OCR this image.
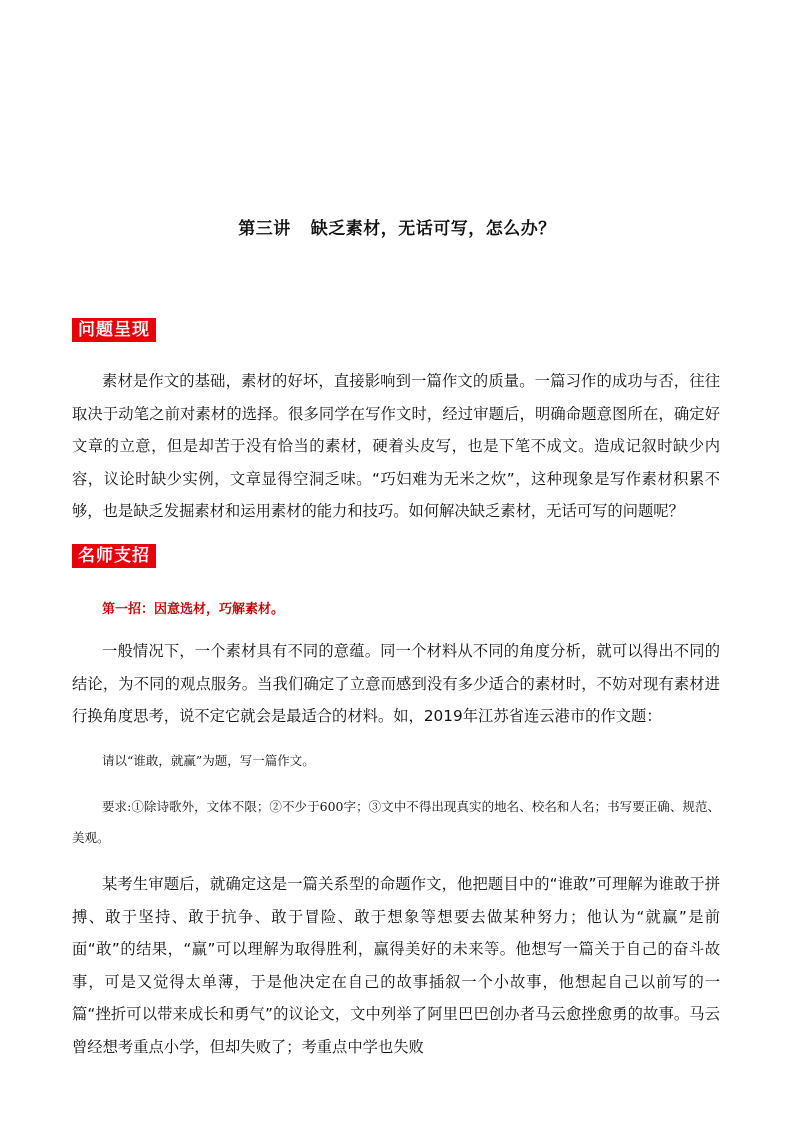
第三讲 缺乏素材，无话可写，怎么办？
问题呈现

素材是作文的基础，素材的好坏，直接影响到一篇作文的质量。一篇习作的成功与否，往往取决于动笔之前对素材的选择。很多同学在写作文时，经过审题后，明确命题意图所在，确定好文章的立意，但是却苦于没有恰当的素材，硬着头皮写，也是下笔不成文。造成记叙时缺少内容，议论时缺少实例，文章显得空洞乏味。“巧妇难为无米之炊”，这种现象是写作素材积累不够，也是缺乏发掘素材和运用素材的能力和技巧。如何解决缺乏素材，无话可写的问题呢？

名师支招
第一招：因意选材，巧解素材。

一般情况下，一个素材具有不同的意蕴。同一个材料从不同的角度分析，就可以得出不同的结论，为不同的观点服务。当我们确定了立意而感到没有多少适合的素材时，不妨对现有素材进行换角度思考，说不定它就会是最适合的材料。如，2019年江苏省连云港市的作文题：

请以“谁敢，就赢”为题，写一篇作文。

要求:①除诗歌外，文体不限；②不少于600字；③文中不得出现真实的地名、校名和人名；书写要正确、规范、美观。

某考生审题后，就确定这是一篇关系型的命题作文，他把题目中的“谁敢”可理解为谁敢于拼搏、敢于坚持、敢于抗争、敢于冒险、敢于想象等想要去做某种努力；他认为“就赢”是前面“敢”的结果，“赢”可以理解为取得胜利，赢得美好的未来等。他想写一篇关于自己的奋斗故事，可是又觉得太单薄，于是他决定在自己的故事插叙一个小故事，他想起自己以前写的一篇“挫折可以带来成长和勇气”的议论文，文中列举了阿里巴巴创办者马云愈挫愈勇的故事。马云曾经想考重点小学，但却失败了；考重点中学也失败
